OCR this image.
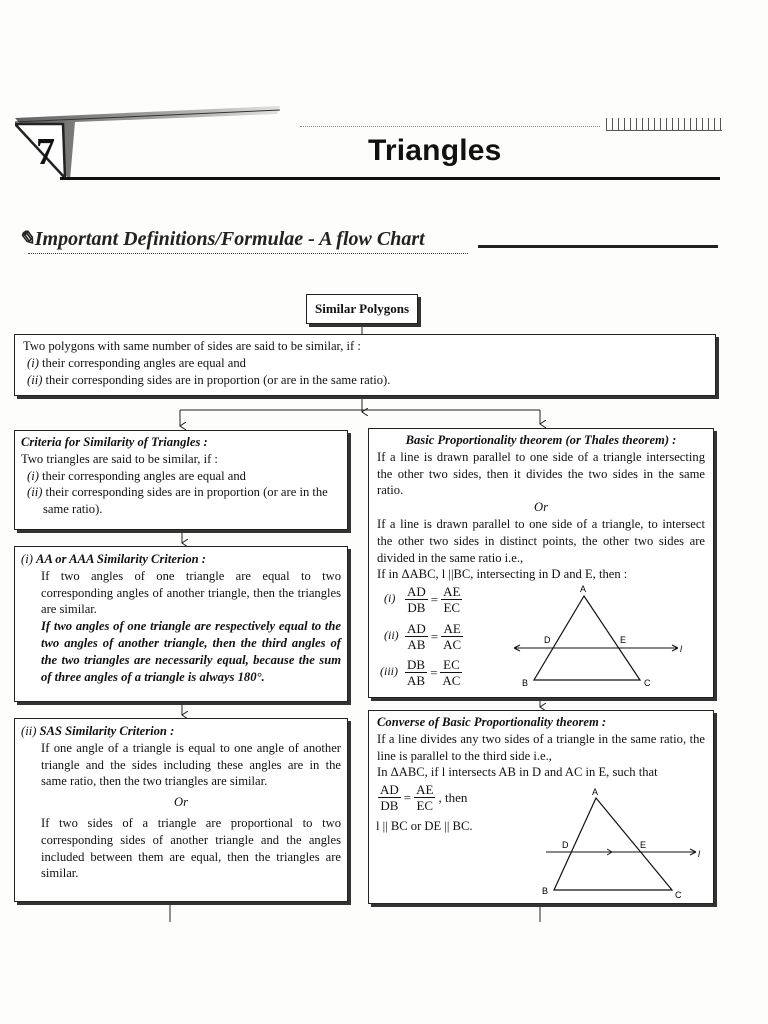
7	Triangles
✎Important Definitions/Formulae - A flow Chart
Similar Polygons

Two polygons with same number of sides are said to be similar, if :

(i) their corresponding angles are equal and

(ii) their corresponding sides are in proportion (or are in the same ratio).

Criteria for Similarity of Triangles :

Two triangles are said to be similar, if :

(i) their corresponding angles are equal and

(ii) their corresponding sides are in proportion (or are in the same ratio).

(i) AA or AAA Similarity Criterion :

If two angles of one triangle are equal to two corresponding angles of another triangle, then the triangles are similar.

If two angles of one triangle are respectively equal to the two angles of another triangle, then the third angles of the two triangles are necessarily equal, because the sum of three angles of a triangle is always 180°.

(ii) SAS Similarity Criterion :

If one angle of a triangle is equal to one angle of another triangle and the sides including these angles are in the same ratio, then the two triangles are similar.

Or

If two sides of a triangle are proportional to two corresponding sides of another triangle and the angles included between them are equal, then the triangles are similar.

Basic Proportionality theorem (or Thales theorem) :

If a line is drawn parallel to one side of a triangle intersecting the other two sides, then it divides the two sides in the same ratio.

Or

If a line is drawn parallel to one side of a triangle, to intersect the other two sides in distinct points, the other two sides are divided in the same ratio i.e.,

If in ΔABC, l ||BC, intersecting in D and E, then :

$(i) \frac{AD}{DB} = \frac{AE}{EC}$
$(ii) \frac{AD}{AB} = \frac{AE}{AC}$
$(iii) \frac{DB}{AB} = \frac{EC}{AC}$
A
B	C
D	E
l

Converse of Basic Proportionality theorem :

If a line divides any two sides of a triangle in the same ratio, the line is parallel to the third side i.e.,

In ΔABC, if l intersects AB in D and AC in E, such that

$\frac{AD}{DB} = \frac{AE}{EC}$ , then
l || BC or DE || BC.
A
B	C
D	E
l
